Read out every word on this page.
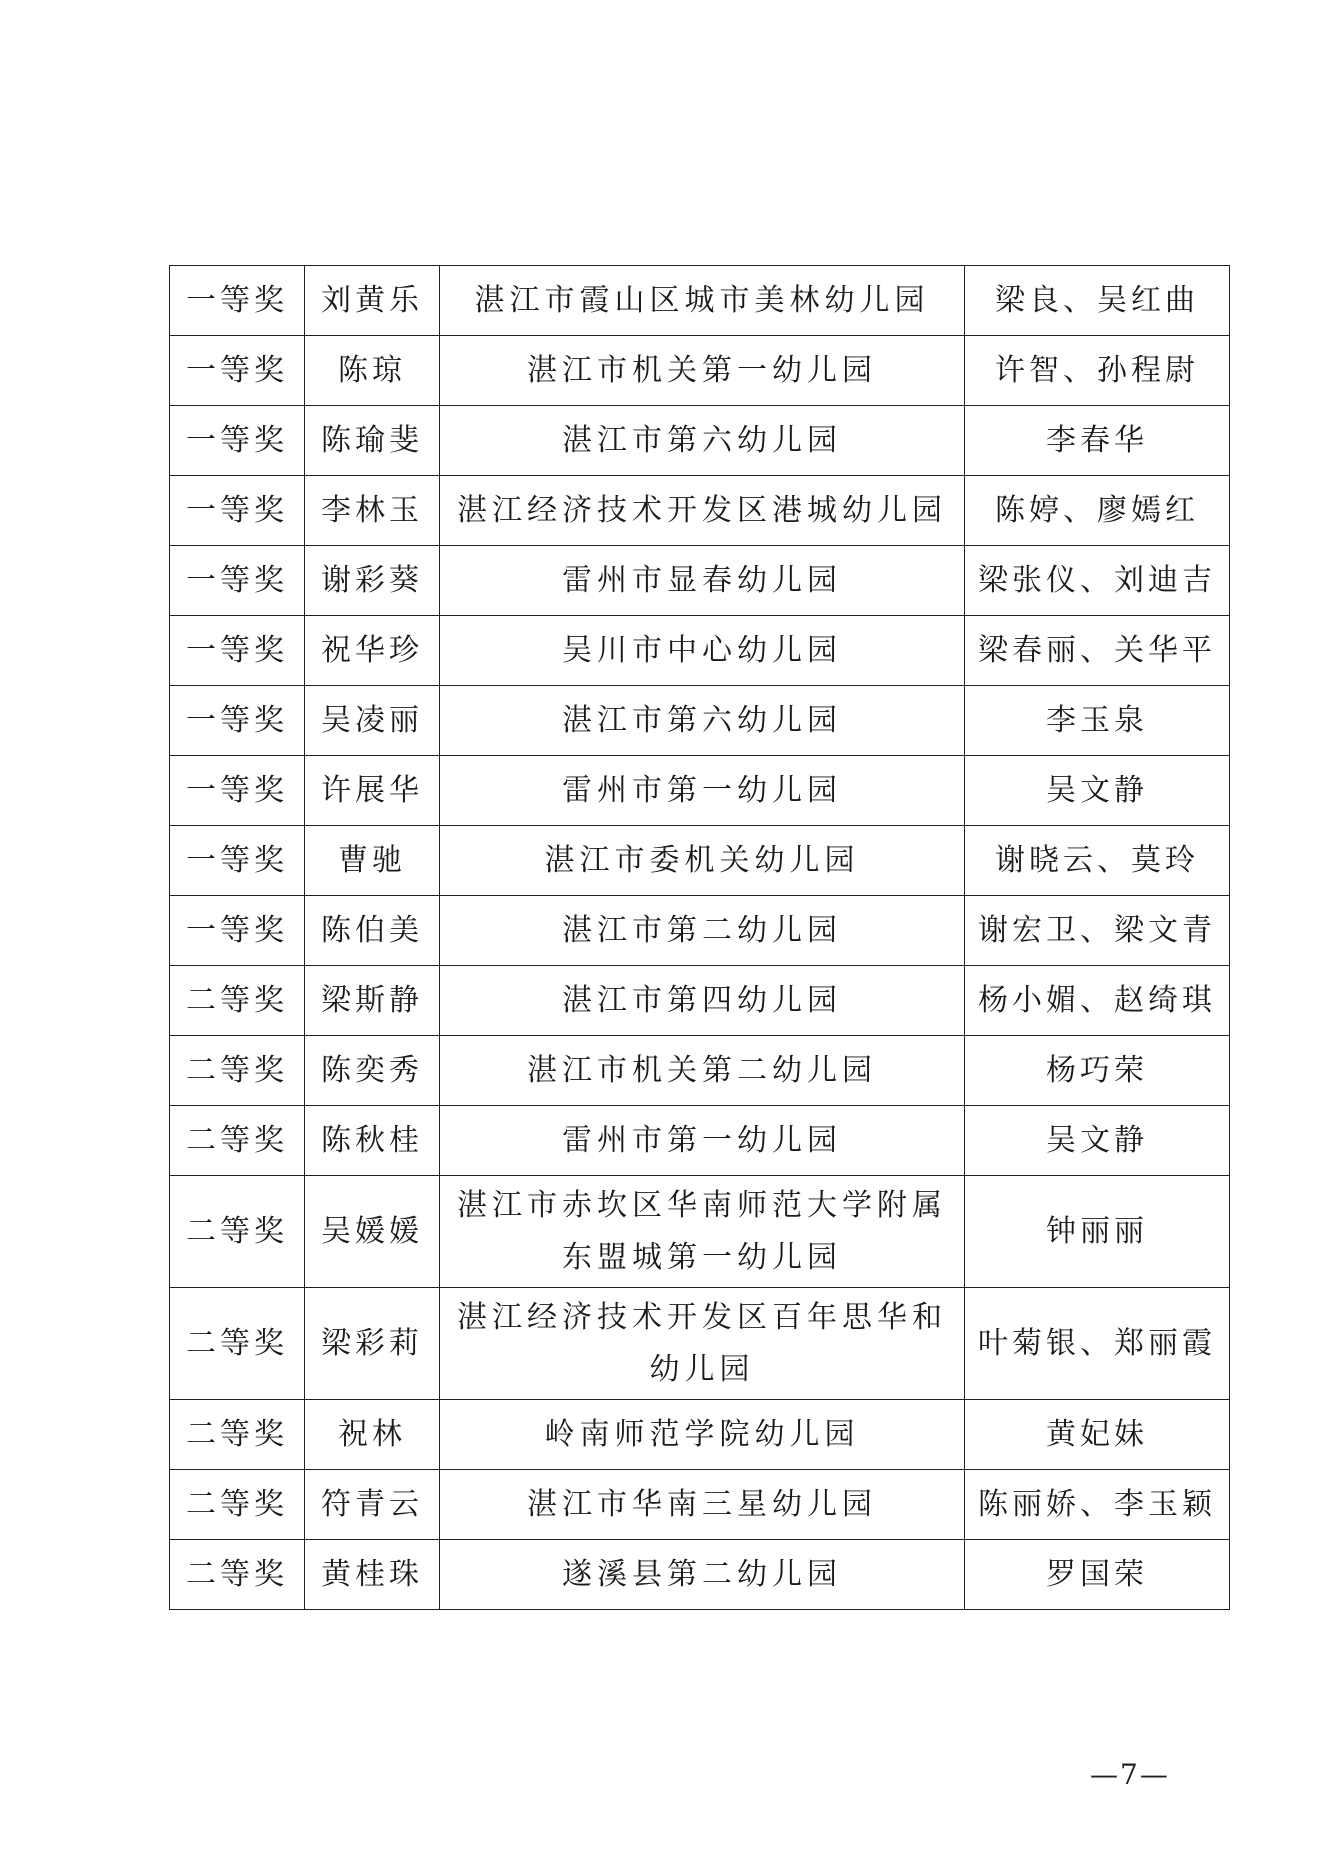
一等奖	刘黄乐	湛江市霞山区城市美林幼儿园	梁良、吴红曲
一等奖	陈琼	湛江市机关第一幼儿园	许智、孙程尉
一等奖	陈瑜斐	湛江市第六幼儿园	李春华
一等奖	李林玉	湛江经济技术开发区港城幼儿园	陈婷、廖嫣红
一等奖	谢彩葵	雷州市显春幼儿园	梁张仪、刘迪吉
一等奖	祝华珍	吴川市中心幼儿园	梁春丽、关华平
一等奖	吴凌丽	湛江市第六幼儿园	李玉泉
一等奖	许展华	雷州市第一幼儿园	吴文静
一等奖	曹驰	湛江市委机关幼儿园	谢晓云、莫玲
一等奖	陈伯美	湛江市第二幼儿园	谢宏卫、梁文青
二等奖	梁斯静	湛江市第四幼儿园	杨小媚、赵绮琪
二等奖	陈奕秀	湛江市机关第二幼儿园	杨巧荣
二等奖	陈秋桂	雷州市第一幼儿园	吴文静
二等奖	吴媛媛	湛江市赤坎区华南师范大学附属东盟城第一幼儿园	钟丽丽
二等奖	梁彩莉	湛江经济技术开发区百年思华和幼儿园	叶菊银、郑丽霞
二等奖	祝林	岭南师范学院幼儿园	黄妃妹
二等奖	符青云	湛江市华南三星幼儿园	陈丽娇、李玉颖
二等奖	黄桂珠	遂溪县第二幼儿园	罗国荣
—7—
